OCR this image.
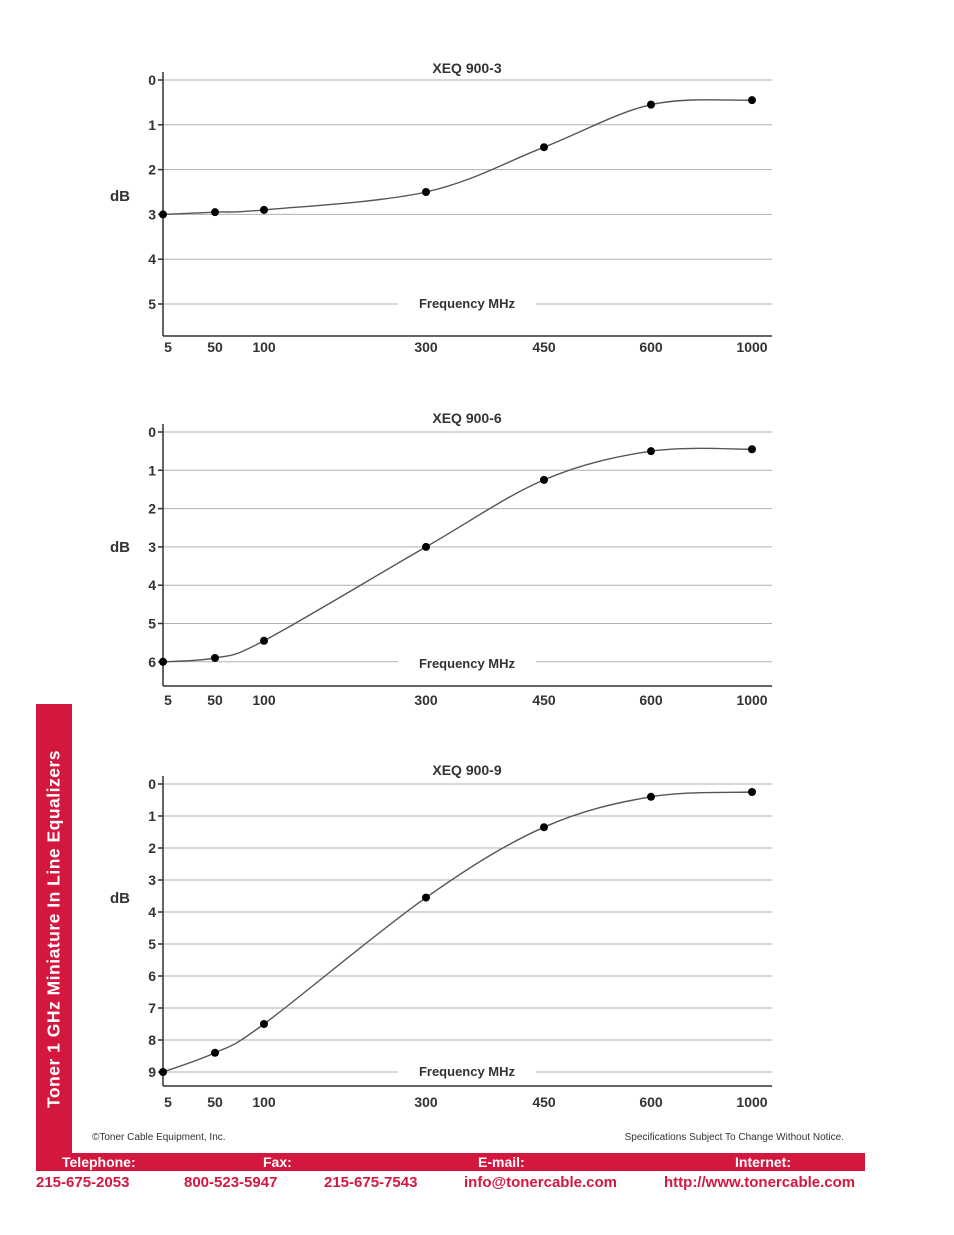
0
1
2
3
4
5
5	50 100	300	450	600	1000
XEQ 900-3
dB
Frequency MHz
0
1
2
3
4
5
6
5	50 100	300	450	600	1000
XEQ 900-6
dB
Frequency MHz
0
1
2
3
4
5
6
7
8
9
5	50 100	300	450	600	1000
XEQ 900-9
dB
Frequency MHz
Toner 1 GHz Miniature In Line Equalizers
©Toner Cable Equipment, Inc.	Specifications Subject To Change Without Notice.
Telephone:	Fax:	E-mail:	Internet:
215-675-2053	800-523-5947	215-675-7543	info@tonercable.com	http://www.tonercable.com
